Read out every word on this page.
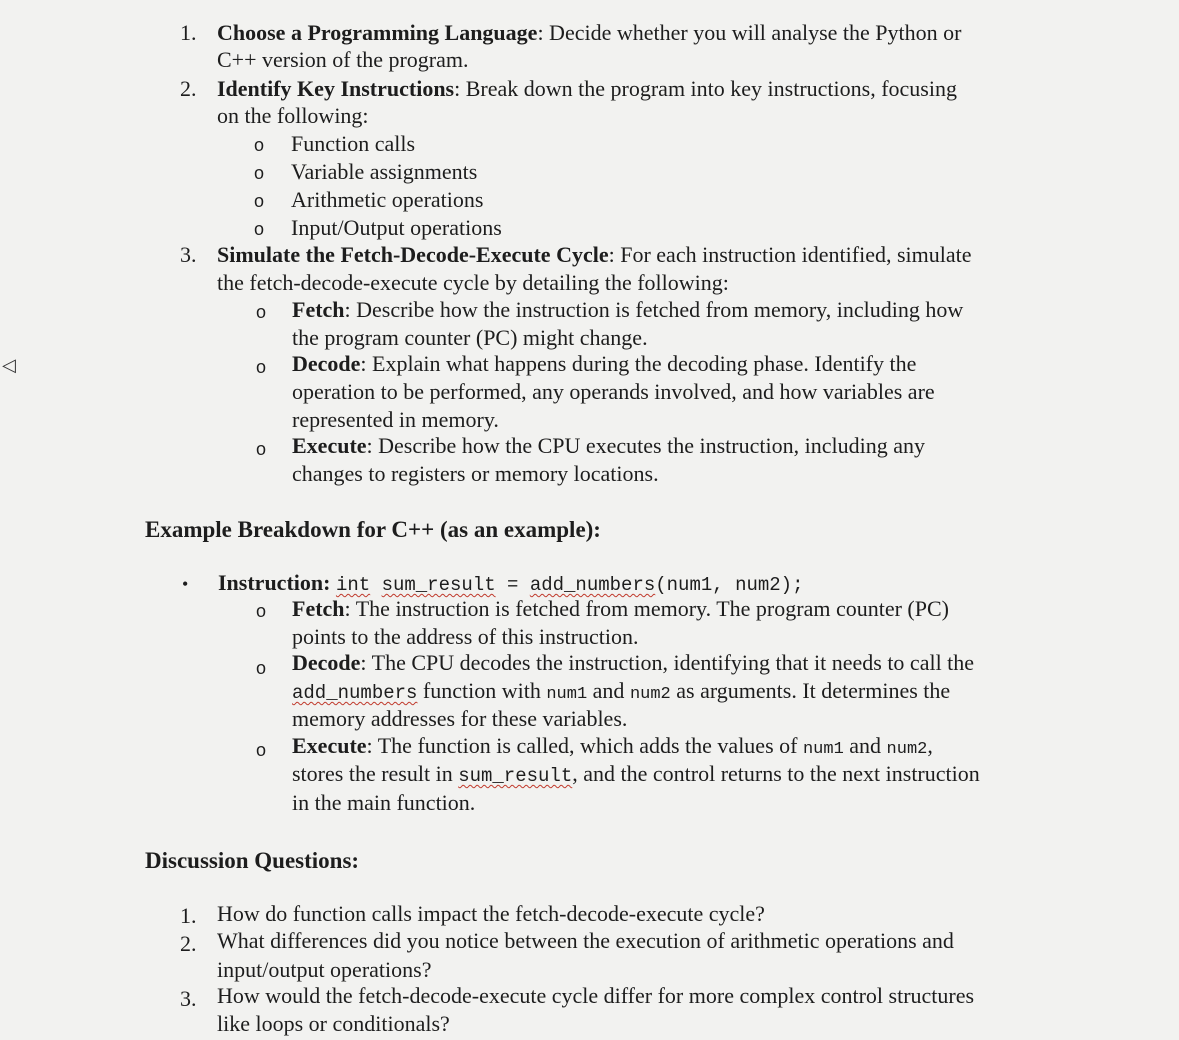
◁
1. Choose a Programming Language: Decide whether you will analyse the Python or
C++ version of the program.
2. Identify Key Instructions: Break down the program into key instructions, focusing
on the following:
o Function calls
o Variable assignments
o Arithmetic operations
o Input/Output operations
3. Simulate the Fetch-Decode-Execute Cycle: For each instruction identified, simulate
the fetch-decode-execute cycle by detailing the following:
o Fetch: Describe how the instruction is fetched from memory, including how
the program counter (PC) might change.
o Decode: Explain what happens during the decoding phase. Identify the
operation to be performed, any operands involved, and how variables are
represented in memory.
o Execute: Describe how the CPU executes the instruction, including any
changes to registers or memory locations.
Example Breakdown for C++ (as an example):
• Instruction: int sum_result = add_numbers(num1, num2);
o Fetch: The instruction is fetched from memory. The program counter (PC)
points to the address of this instruction.
o Decode: The CPU decodes the instruction, identifying that it needs to call the
add_numbers function with num1 and num2 as arguments. It determines the
memory addresses for these variables.
o Execute: The function is called, which adds the values of num1 and num2,
stores the result in sum_result, and the control returns to the next instruction
in the main function.
Discussion Questions:
1. How do function calls impact the fetch-decode-execute cycle?
2. What differences did you notice between the execution of arithmetic operations and
input/output operations?
3. How would the fetch-decode-execute cycle differ for more complex control structures
like loops or conditionals?
